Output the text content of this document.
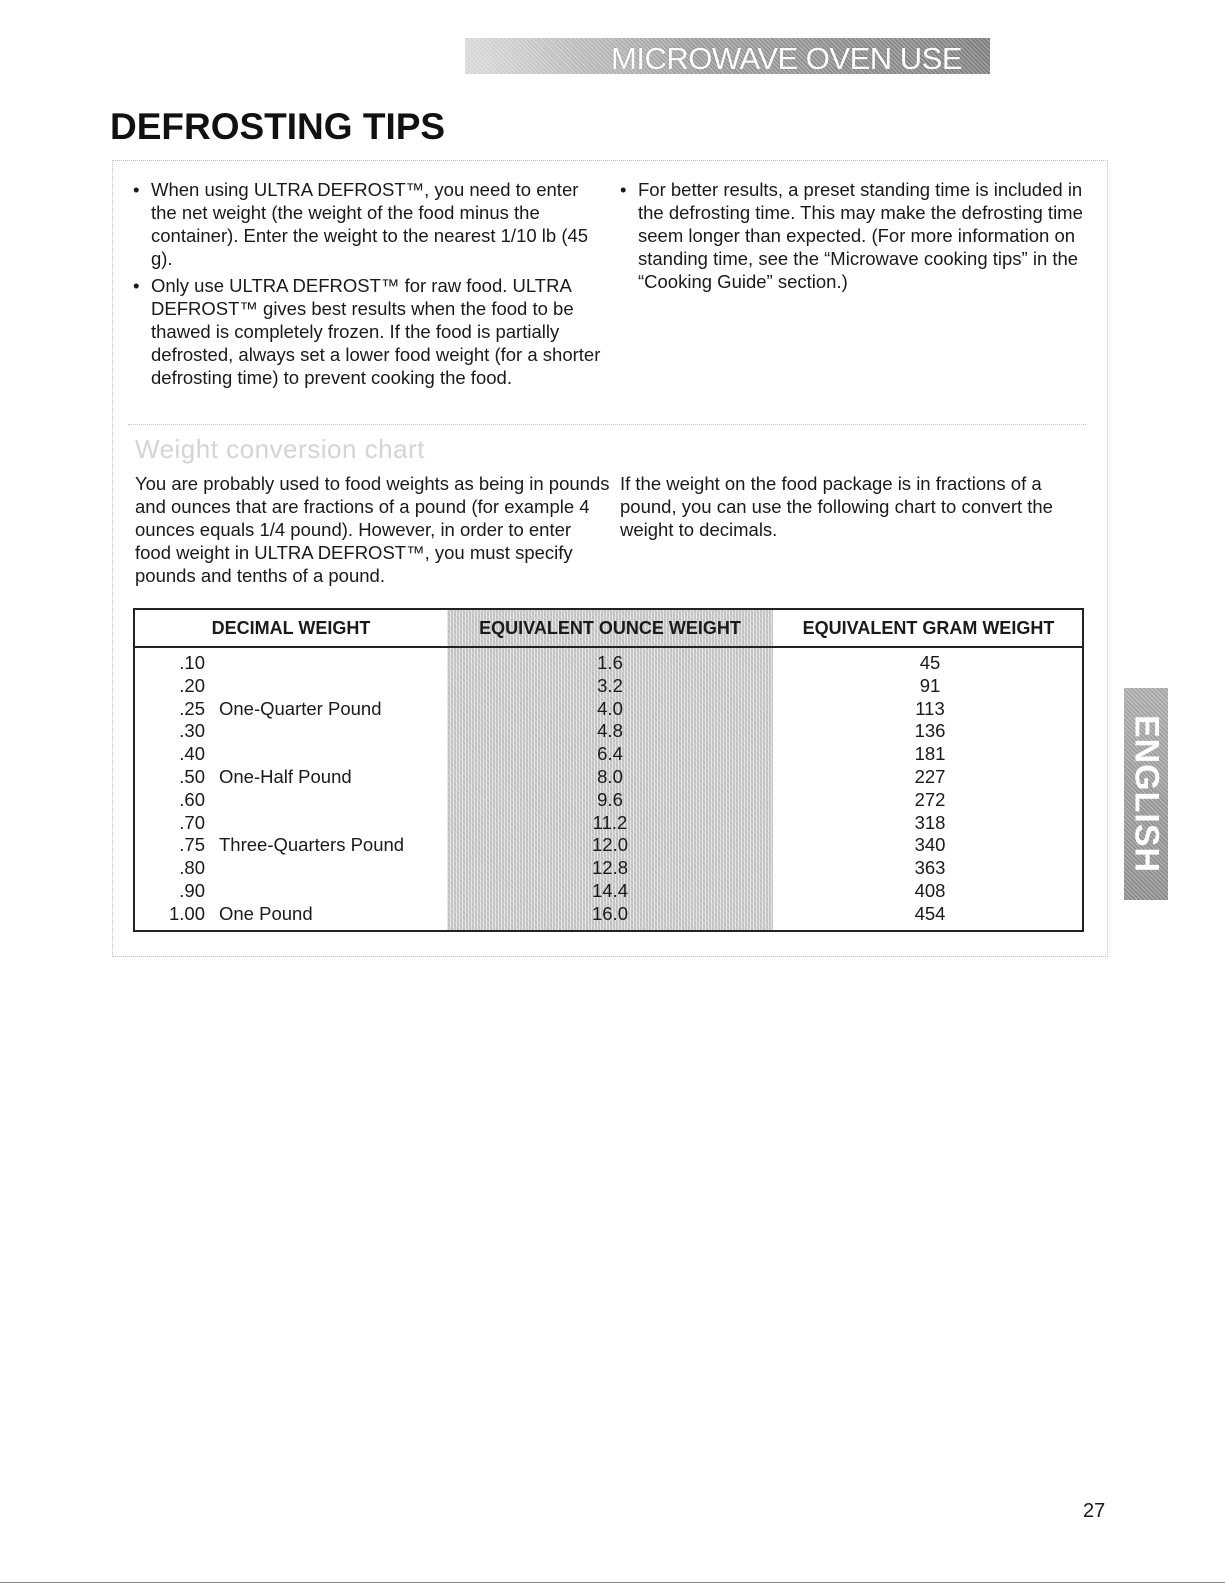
MICROWAVE OVEN USE
DEFROSTING TIPS
• When using ULTRA DEFROST™, you need to enter the net weight (the weight of the food minus the container). Enter the weight to the nearest 1/10 lb (45 g).
• Only use ULTRA DEFROST™ for raw food. ULTRA DEFROST™ gives best results when the food to be thawed is completely frozen. If the food is partially defrosted, always set a lower food weight (for a shorter defrosting time) to prevent cooking the food.
• For better results, a preset standing time is included in the defrosting time. This may make the defrosting time seem longer than expected. (For more information on standing time, see the “Microwave cooking tips” in the “Cooking Guide” section.)
Weight conversion chart

You are probably used to food weights as being in pounds and ounces that are fractions of a pound (for example 4 ounces equals 1/4 pound). However, in order to enter food weight in ULTRA DEFROST™, you must specify pounds and tenths of a pound.

If the weight on the food package is in fractions of a pound, you can use the following chart to convert the weight to decimals.

DECIMAL WEIGHT	EQUIVALENT OUNCE WEIGHT	EQUIVALENT GRAM WEIGHT
.10	1.6	45
.20	3.2	91
.25 One-Quarter Pound	4.0	113
.30	4.8	136
.40	6.4	181
.50 One-Half Pound	8.0	227
.60	9.6	272
.70	11.2	318
.75 Three-Quarters Pound	12.0	340
.80	12.8	363
.90	14.4	408
1.00 One Pound	16.0	454
ENGLISH
27
